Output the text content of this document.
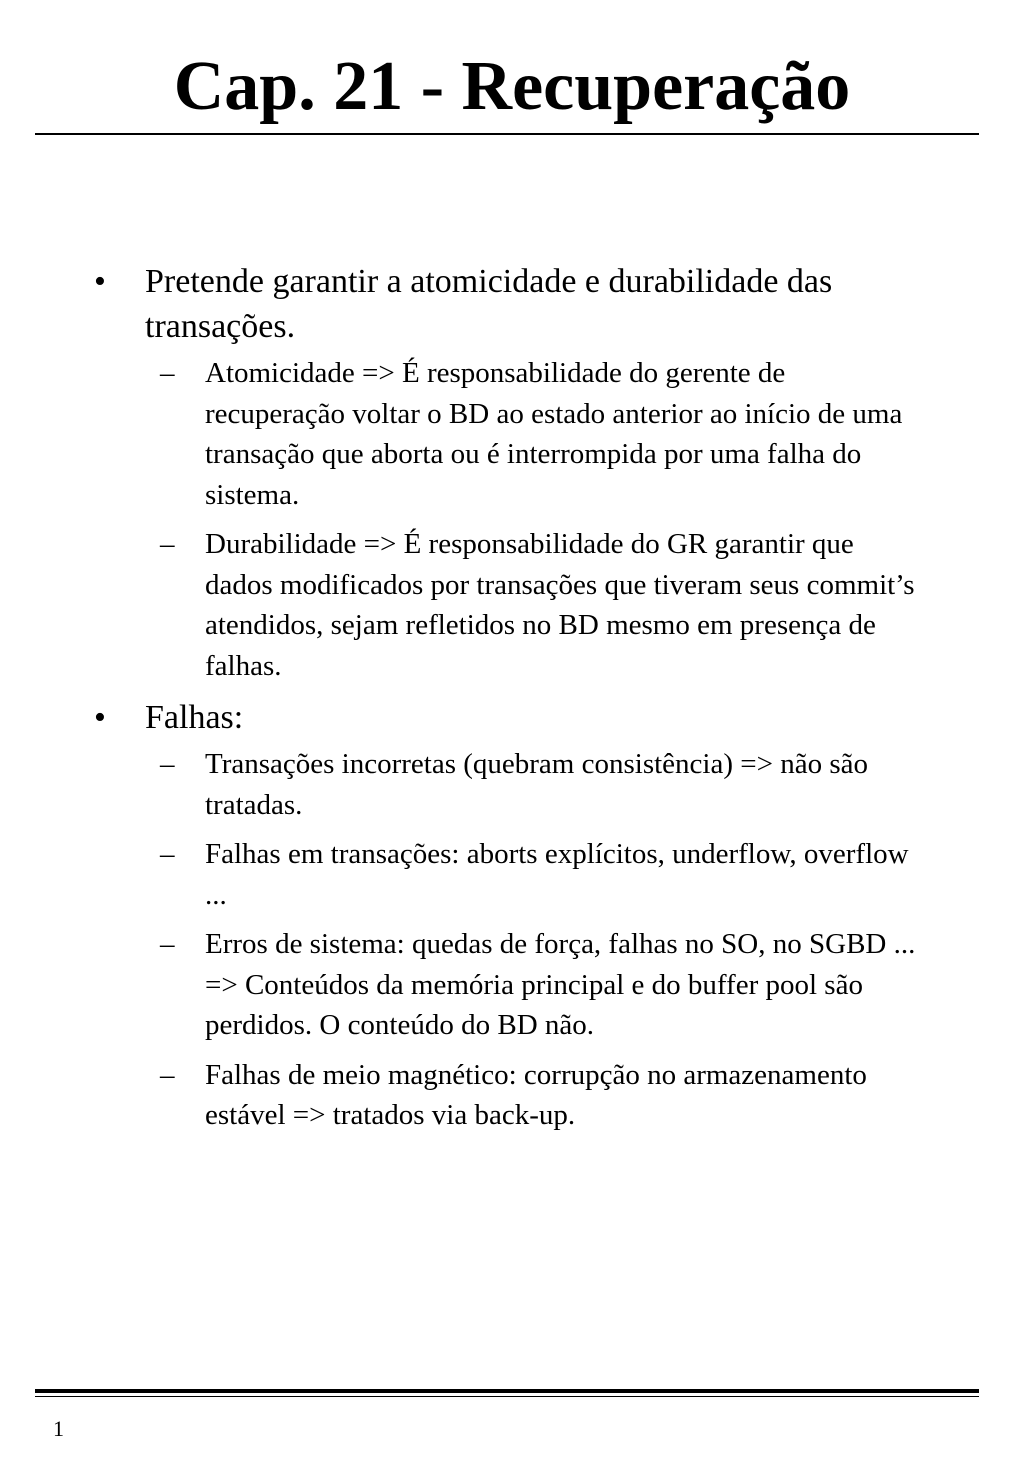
Cap. 21 - Recuperação
• Pretende garantir a atomicidade e durabilidade das transações.
– Atomicidade => É responsabilidade do gerente de recuperação voltar o BD ao estado anterior ao início de uma transação que aborta ou é interrompida por uma falha do sistema.
– Durabilidade => É responsabilidade do GR garantir que dados modificados por transações que tiveram seus commit’s atendidos, sejam refletidos no BD mesmo em presença de falhas.
• Falhas:
– Transações incorretas (quebram consistência) => não são tratadas.
– Falhas em transações: aborts explícitos, underflow, overflow ...
– Erros de sistema: quedas de força, falhas no SO, no SGBD ... => Conteúdos da memória principal e do buffer pool são perdidos. O conteúdo do BD não.
– Falhas de meio magnético: corrupção no armazenamento estável => tratados via back-up.
1
